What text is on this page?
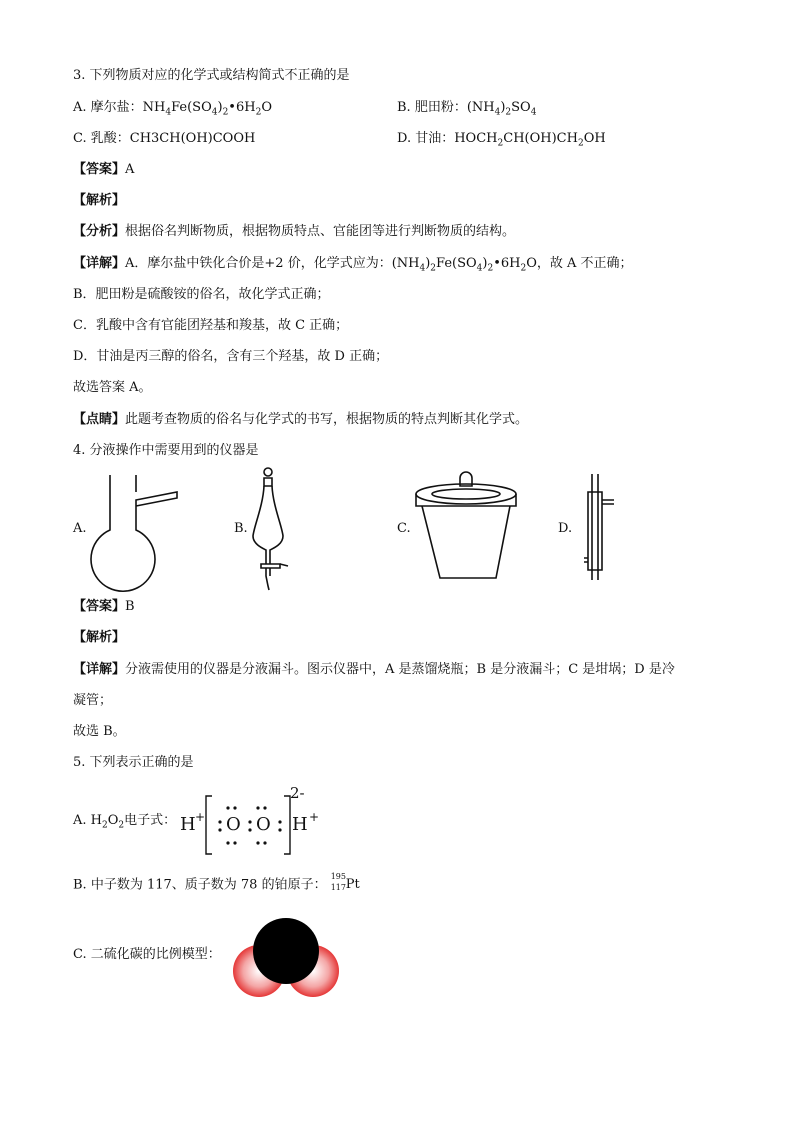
3. 下列物质对应的化学式或结构简式不正确的是
A. 摩尔盐：$NH_4Fe(SO_4)_2•6H_2O$	B. 肥田粉：$(NH_4)_2SO_4$
C. 乳酸：CH3CH(OH)COOH	D. 甘油：$HOCH_2CH(OH)CH_2OH$
【答案】A
【解析】
【分析】根据俗名判断物质，根据物质特点、官能团等进行判断物质的结构。
【详解】A．摩尔盐中铁化合价是+2 价，化学式应为：$(NH_4)_2Fe(SO_4)_2•6H_2O$，故 A 不正确；
B．肥田粉是硫酸铵的俗名，故化学式正确；
C．乳酸中含有官能团羟基和羧基，故 C 正确；
D．甘油是丙三醇的俗名，含有三个羟基，故 D 正确；
故选答案 A。
【点睛】此题考查物质的俗名与化学式的书写，根据物质的特点判断其化学式。
4. 分液操作中需要用到的仪器是
A.	B.	C.	D.
【答案】B
【解析】
【详解】分液需使用的仪器是分液漏斗。图示仪器中，A 是蒸馏烧瓶；B 是分液漏斗；C 是坩埚；D 是冷
凝管；
故选 B。
5. 下列表示正确的是
A. $H_2O_2$电子式： H + O O H +
2-
B. 中子数为 117、质子数为 78 的铂原子：
195
117 Pt
C. 二硫化碳的比例模型：
